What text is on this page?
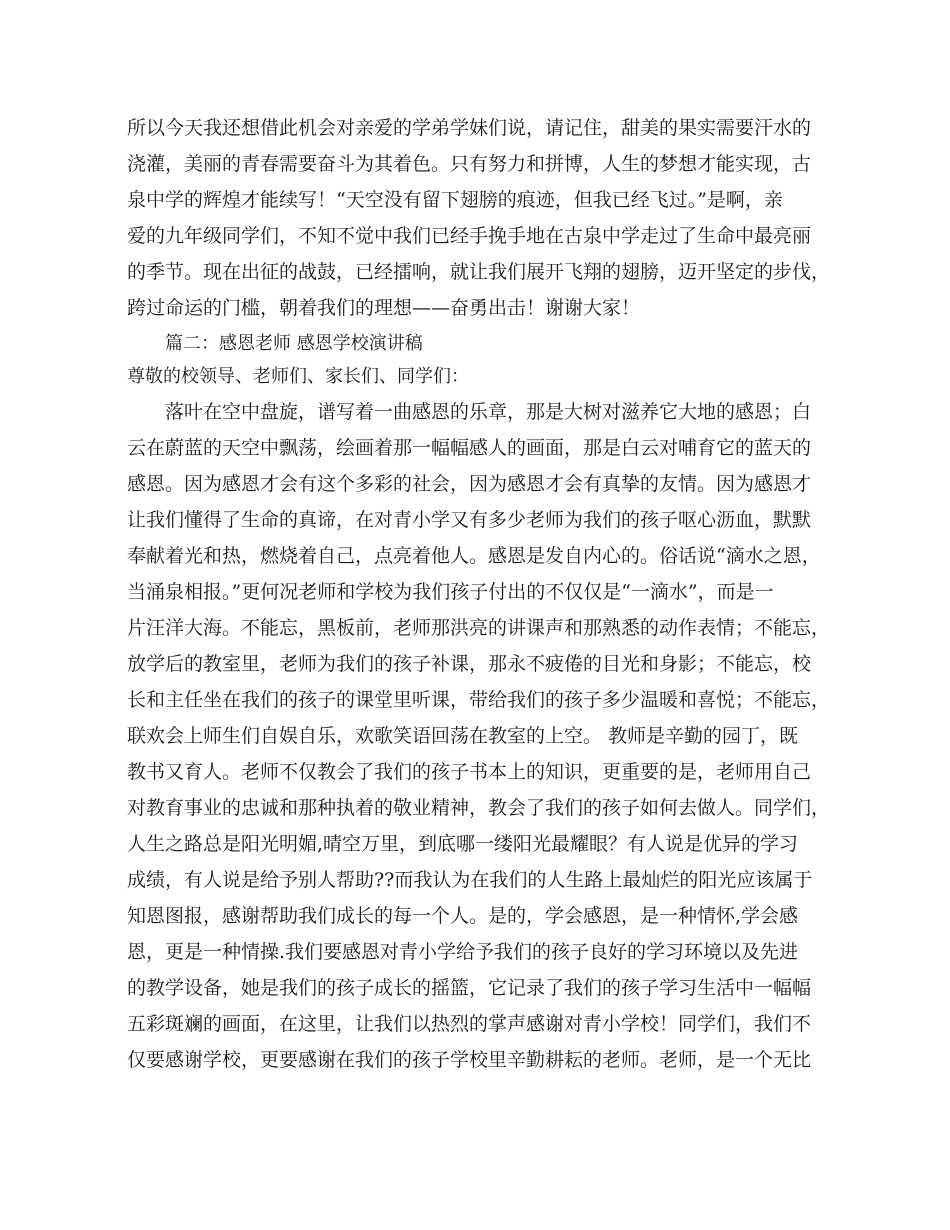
所以今天我还想借此机会对亲爱的学弟学妹们说，请记住，甜美的果实需要汗水的
浇灌，美丽的青春需要奋斗为其着色。只有努力和拼博，人生的梦想才能实现，古
泉中学的辉煌才能续写！“天空没有留下翅膀的痕迹，但我已经飞过。”是啊，亲
爱的九年级同学们，不知不觉中我们已经手挽手地在古泉中学走过了生命中最亮丽
的季节。现在出征的战鼓，已经擂响，就让我们展开飞翔的翅膀，迈开坚定的步伐，
跨过命运的门槛，朝着我们的理想——奋勇出击！谢谢大家！
篇二：感恩老师 感恩学校演讲稿
尊敬的校领导、老师们、家长们、同学们：
落叶在空中盘旋，谱写着一曲感恩的乐章，那是大树对滋养它大地的感恩；白
云在蔚蓝的天空中飘荡，绘画着那一幅幅感人的画面，那是白云对哺育它的蓝天的
感恩。因为感恩才会有这个多彩的社会，因为感恩才会有真挚的友情。因为感恩才
让我们懂得了生命的真谛，在对青小学又有多少老师为我们的孩子呕心沥血，默默
奉献着光和热，燃烧着自己，点亮着他人。感恩是发自内心的。俗话说“滴水之恩，
当涌泉相报。”更何况老师和学校为我们孩子付出的不仅仅是“一滴水”，而是一
片汪洋大海。不能忘，黑板前，老师那洪亮的讲课声和那熟悉的动作表情；不能忘，
放学后的教室里，老师为我们的孩子补课，那永不疲倦的目光和身影；不能忘，校
长和主任坐在我们的孩子的课堂里听课，带给我们的孩子多少温暖和喜悦；不能忘，
联欢会上师生们自娱自乐，欢歌笑语回荡在教室的上空。 教师是辛勤的园丁，既
教书又育人。老师不仅教会了我们的孩子书本上的知识，更重要的是，老师用自己
对教育事业的忠诚和那种执着的敬业精神，教会了我们的孩子如何去做人。同学们，
人生之路总是阳光明媚,晴空万里，到底哪一缕阳光最耀眼？有人说是优异的学习
成绩，有人说是给予别人帮助??而我认为在我们的人生路上最灿烂的阳光应该属于
知恩图报，感谢帮助我们成长的每一个人。是的，学会感恩，是一种情怀,学会感
恩，更是一种情操.我们要感恩对青小学给予我们的孩子良好的学习环境以及先进
的教学设备，她是我们的孩子成长的摇篮，它记录了我们的孩子学习生活中一幅幅
五彩斑斓的画面，在这里，让我们以热烈的掌声感谢对青小学校！同学们，我们不
仅要感谢学校，更要感谢在我们的孩子学校里辛勤耕耘的老师。老师，是一个无比
